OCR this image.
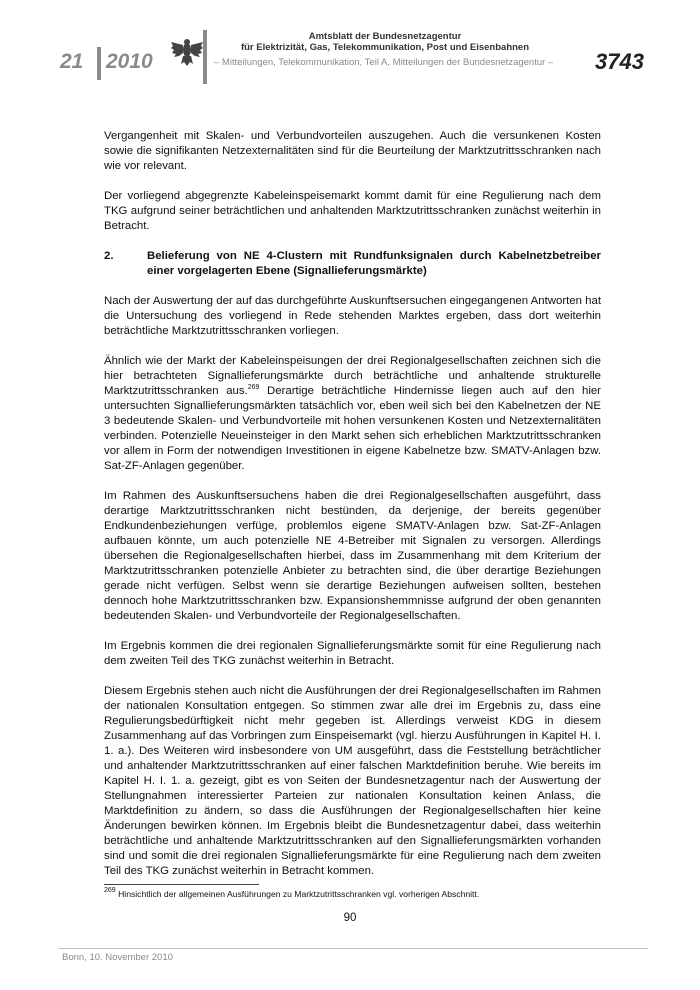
21 2010
Amtsblatt der Bundesnetzagentur
für Elektrizität, Gas, Telekommunikation, Post und Eisenbahnen
– Mitteilungen, Telekommunikation, Teil A, Mitteilungen der Bundesnetzagentur – 3743

Vergangenheit mit Skalen- und Verbundvorteilen auszugehen. Auch die versunkenen Kosten sowie die signifikanten Netzexternalitäten sind für die Beurteilung der Marktzutrittsschranken nach wie vor relevant.

Der vorliegend abgegrenzte Kabeleinspeisemarkt kommt damit für eine Regulierung nach dem TKG aufgrund seiner beträchtlichen und anhaltenden Marktzutrittsschranken zunächst weiterhin in Betracht.

2.	Belieferung von NE 4-Clustern mit Rundfunksignalen durch Kabelnetzbetreiber einer vorgelagerten Ebene (Signallieferungsmärkte)

Nach der Auswertung der auf das durchgeführte Auskunftsersuchen eingegangenen Antworten hat die Untersuchung des vorliegend in Rede stehenden Marktes ergeben, dass dort weiterhin beträchtliche Marktzutrittsschranken vorliegen.

Ähnlich wie der Markt der Kabeleinspeisungen der drei Regionalgesellschaften zeichnen sich die hier betrachteten Signallieferungsmärkte durch beträchtliche und anhaltende strukturelle Marktzutrittsschranken aus.$^{269}$ Derartige beträchtliche Hindernisse liegen auch auf den hier untersuchten Signallieferungsmärkten tatsächlich vor, eben weil sich bei den Kabelnetzen der NE 3 bedeutende Skalen- und Verbundvorteile mit hohen versunkenen Kosten und Netzexternalitäten verbinden. Potenzielle Neueinsteiger in den Markt sehen sich erheblichen Marktzutrittsschranken vor allem in Form der notwendigen Investitionen in eigene Kabelnetze bzw. SMATV-Anlagen bzw. Sat-ZF-Anlagen gegenüber.

Im Rahmen des Auskunftsersuchens haben die drei Regionalgesellschaften ausgeführt, dass derartige Marktzutrittsschranken nicht bestünden, da derjenige, der bereits gegenüber Endkundenbeziehungen verfüge, problemlos eigene SMATV-Anlagen bzw. Sat-ZF-Anlagen aufbauen könnte, um auch potenzielle NE 4-Betreiber mit Signalen zu versorgen. Allerdings übersehen die Regionalgesellschaften hierbei, dass im Zusammenhang mit dem Kriterium der Marktzutrittsschranken potenzielle Anbieter zu betrachten sind, die über derartige Beziehungen gerade nicht verfügen. Selbst wenn sie derartige Beziehungen aufweisen sollten, bestehen dennoch hohe Marktzutrittsschranken bzw. Expansionshemmnisse aufgrund der oben genannten bedeutenden Skalen- und Verbundvorteile der Regionalgesellschaften.

Im Ergebnis kommen die drei regionalen Signallieferungsmärkte somit für eine Regulierung nach dem zweiten Teil des TKG zunächst weiterhin in Betracht.

Diesem Ergebnis stehen auch nicht die Ausführungen der drei Regionalgesellschaften im Rahmen der nationalen Konsultation entgegen. So stimmen zwar alle drei im Ergebnis zu, dass eine Regulierungsbedürftigkeit nicht mehr gegeben ist. Allerdings verweist KDG in diesem Zusammenhang auf das Vorbringen zum Einspeisemarkt (vgl. hierzu Ausführungen in Kapitel H. I. 1. a.). Des Weiteren wird insbesondere von UM ausgeführt, dass die Feststellung beträchtlicher und anhaltender Marktzutrittsschranken auf einer falschen Marktdefinition beruhe. Wie bereits im Kapitel H. I. 1. a. gezeigt, gibt es von Seiten der Bundesnetzagentur nach der Auswertung der Stellungnahmen interessierter Parteien zur nationalen Konsultation keinen Anlass, die Marktdefinition zu ändern, so dass die Ausführungen der Regionalgesellschaften hier keine Änderungen bewirken können. Im Ergebnis bleibt die Bundesnetzagentur dabei, dass weiterhin beträchtliche und anhaltende Marktzutrittsschranken auf den Signallieferungsmärkten vorhanden sind und somit die drei regionalen Signallieferungsmärkte für eine Regulierung nach dem zweiten Teil des TKG zunächst weiterhin in Betracht kommen.

$^{269}$ Hinsichtlich der allgemeinen Ausführungen zu Marktzutrittsschranken vgl. vorherigen Abschnitt.
90
Bonn, 10. November 2010
